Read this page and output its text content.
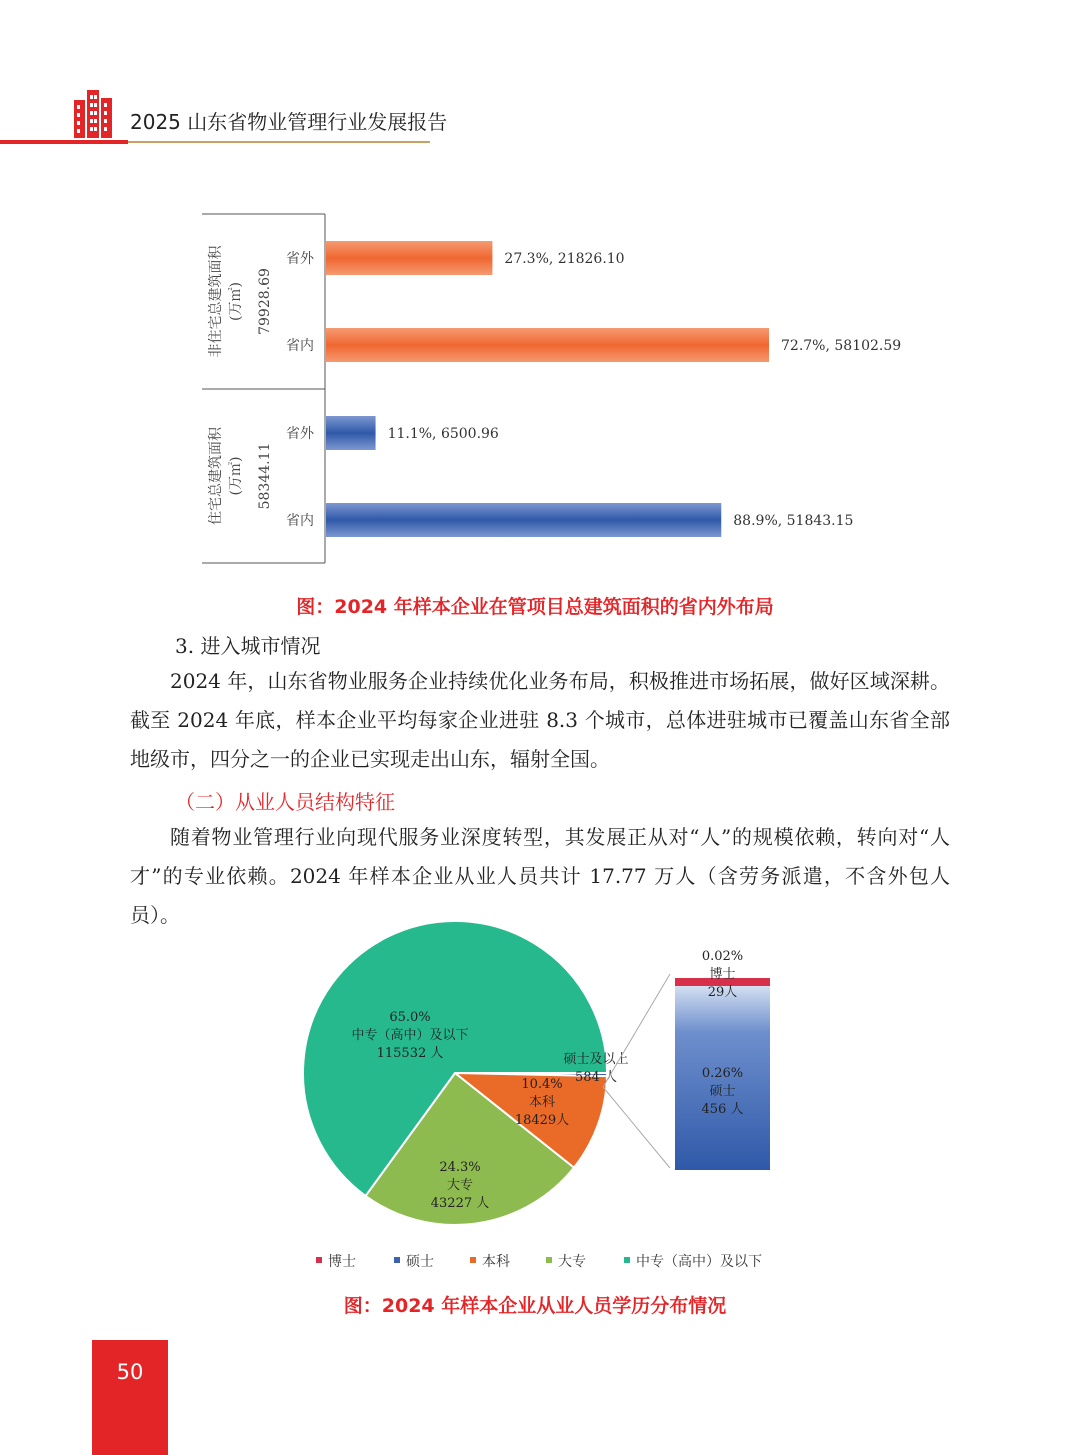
2025 山东省物业管理行业发展报告
非住宅总建筑面积 (万㎡) 79928.69
省外	27.3%, 21826.10
省内	72.7%, 58102.59
住宅总建筑面积 (万㎡) 58344.11
省外	11.1%, 6500.96
省内	88.9%, 51843.15
图：2024 年样本企业在管项目总建筑面积的省内外布局
3. 进入城市情况

2024 年，山东省物业服务企业持续优化业务布局，积极推进市场拓展，做好区域深耕。截至 2024 年底，样本企业平均每家企业进驻 8.3 个城市，总体进驻城市已覆盖山东省全部地级市，四分之一的企业已实现走出山东，辐射全国。

（二）从业人员结构特征

随着物业管理行业向现代服务业深度转型，其发展正从对“人”的规模依赖，转向对“人才”的专业依赖。2024 年样本企业从业人员共计 17.77 万人（含劳务派遣，不含外包人员）。

65.0%中专（高中）及以下 115532 人
24.3%大专 43227 人
10.4%本科 18429人
硕士及以上 584 人
0.02%博士 29人
0.26%硕士 456 人
博士	硕士	本科	大专	中专（高中）及以下
图：2024 年样本企业从业人员学历分布情况
50
